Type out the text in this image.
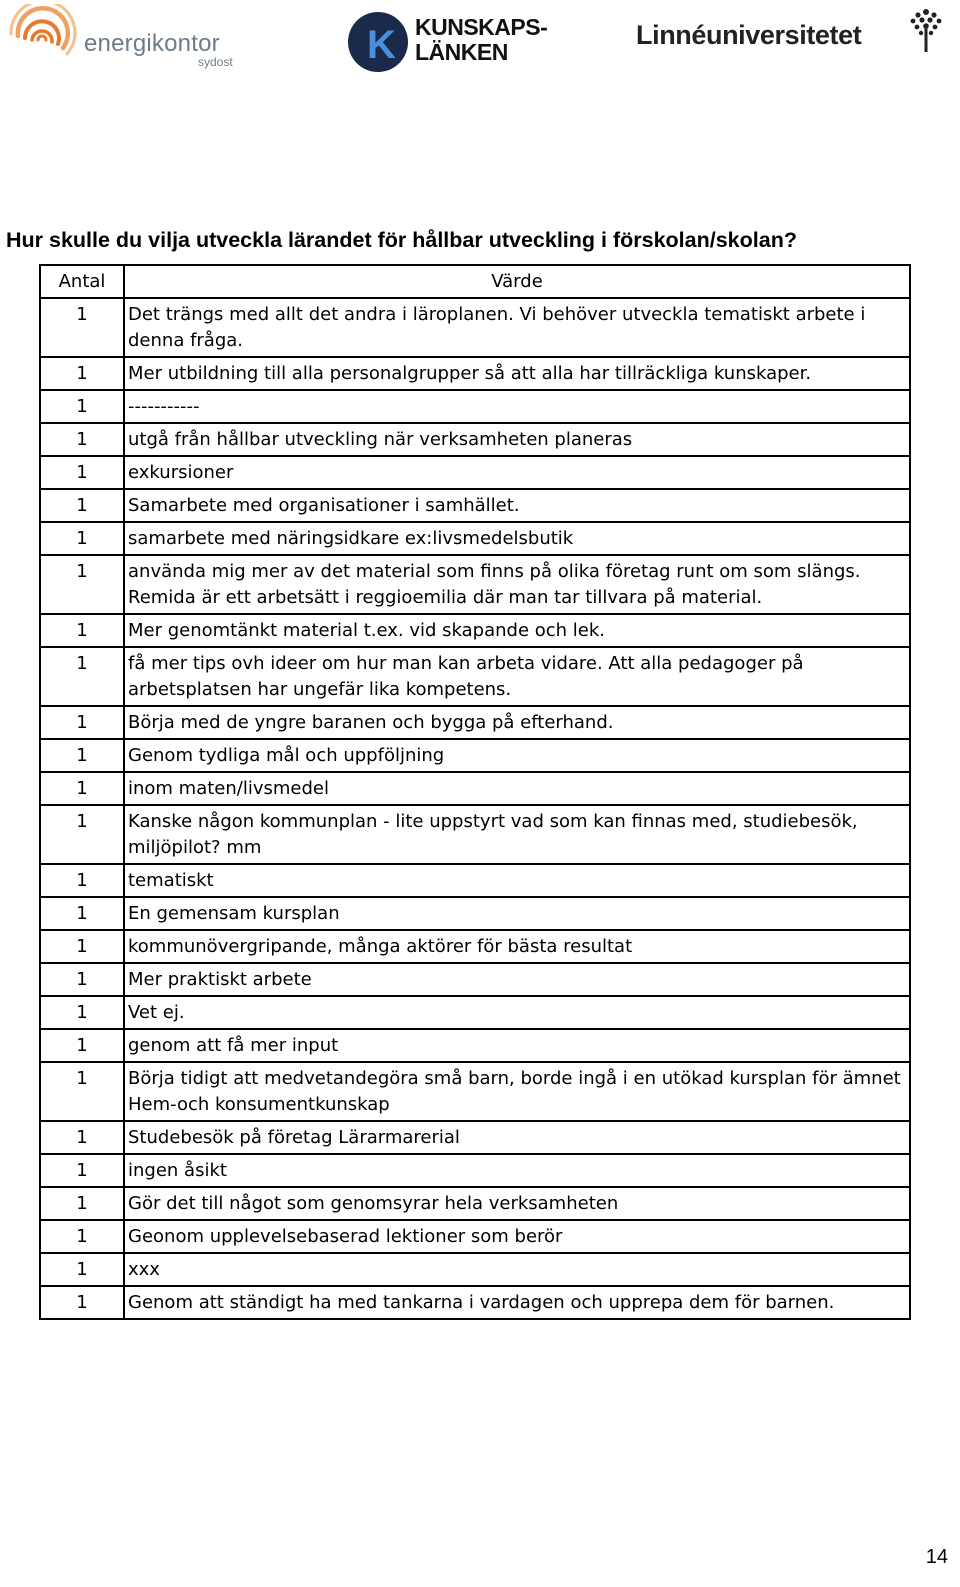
energikontor
sydost	K KUNSKAPS-
LÄNKEN
Linnéuniversitetet
Hur skulle du vilja utveckla lärandet för hållbar utveckling i förskolan/skolan?
Antal	Värde
1	Det trängs med allt det andra i läroplanen. Vi behöver utveckla tematiskt arbete i denna fråga.
1	Mer utbildning till alla personalgrupper så att alla har tillräckliga kunskaper.
1	-----------
1	utgå från hållbar utveckling när verksamheten planeras
1	exkursioner
1	Samarbete med organisationer i samhället.
1	samarbete med näringsidkare ex:livsmedelsbutik
1	använda mig mer av det material som finns på olika företag runt om som slängs. Remida är ett arbetsätt i reggioemilia där man tar tillvara på material.
1	Mer genomtänkt material t.ex. vid skapande och lek.
1	få mer tips ovh ideer om hur man kan arbeta vidare. Att alla pedagoger på arbetsplatsen har ungefär lika kompetens.
1	Börja med de yngre baranen och bygga på efterhand.
1	Genom tydliga mål och uppföljning
1	inom maten/livsmedel
1	Kanske någon kommunplan - lite uppstyrt vad som kan finnas med, studiebesök, miljöpilot? mm
1	tematiskt
1	En gemensam kursplan
1	kommunövergripande, många aktörer för bästa resultat
1	Mer praktiskt arbete
1	Vet ej.
1	genom att få mer input
1	Börja tidigt att medvetandegöra små barn, borde ingå i en utökad kursplan för ämnet Hem-och konsumentkunskap
1	Studebesök på företag Lärarmarerial
1	ingen åsikt
1	Gör det till något som genomsyrar hela verksamheten
1	Geonom upplevelsebaserad lektioner som berör
1	xxx
1	Genom att ständigt ha med tankarna i vardagen och upprepa dem för barnen.
14
